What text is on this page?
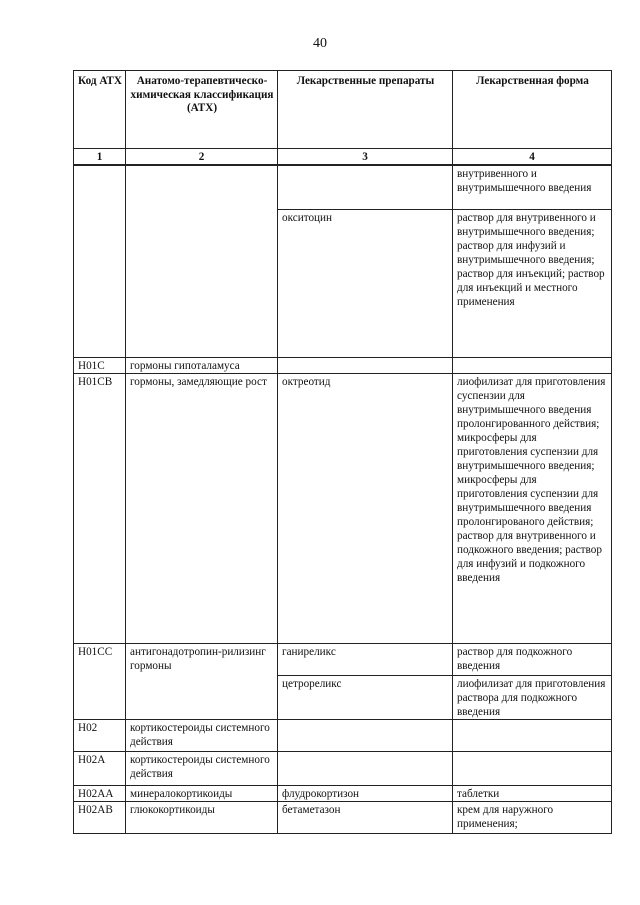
40
Код АТХ	Анатомо-терапевтическо-химическая классификация (АТХ)	Лекарственные препараты	Лекарственная форма
1	2	3	4
			внутривенного и внутримышечного введения
		окситоцин	раствор для внутривенного и внутримышечного введения; раствор для инфузий и внутримышечного введения; раствор для инъекций; раствор для инъекций и местного применения
H01C	гормоны гипоталамуса		
H01CB	гормоны, замедляющие рост	октреотид	лиофилизат для приготовления суспензии для внутримышечного введения пролонгированного действия; микросферы для приготовления суспензии для внутримышечного введения; микросферы для приготовления суспензии для внутримышечного введения пролонгированого действия; раствор для внутривенного и подкожного введения; раствор для инфузий и подкожного введения
H01CC	антигонадотропин-рилизинг гормоны	ганиреликс	раствор для подкожного введения
		цетрореликс	лиофилизат для приготовления раствора для подкожного введения
H02	кортикостероиды системного действия		
H02A	кортикостероиды системного действия		
H02AA	минералокортикоиды	флудрокортизон	таблетки
H02AB	глюкокортикоиды	бетаметазон	крем для наружного применения;
